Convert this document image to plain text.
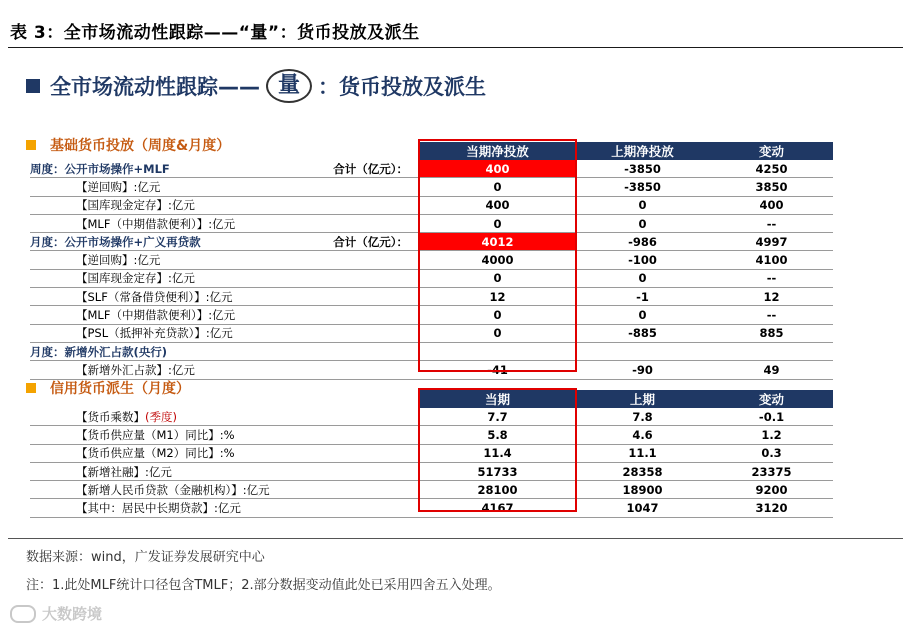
表 3：全市场流动性跟踪——“量”：货币投放及派生
全市场流动性跟踪—— 量 ：货币投放及派生
基础货币投放（周度&月度）
			当期净投放	上期净投放	变动
周度：公开市场操作+MLF	合计（亿元）：	400	-3850	4250
【逆回购】:亿元		0	-3850	3850
【国库现金定存】:亿元		400	0	400
【MLF（中期借款便利）】:亿元		0	0	--
月度：公开市场操作+广义再贷款	合计（亿元）：	4012	-986	4997
【逆回购】:亿元		4000	-100	4100
【国库现金定存】:亿元		0	0	--
【SLF（常备借贷便利）】:亿元		12	-1	12
【MLF（中期借款便利）】:亿元		0	0	--
【PSL（抵押补充贷款）】:亿元		0	-885	885
月度：新增外汇占款(央行)				
【新增外汇占款】:亿元		-41	-90	49
信用货币派生（月度）
		当期	上期	变动
【货币乘数】(季度)		7.7	7.8	-0.1
【货币供应量（M1）同比】:%		5.8	4.6	1.2
【货币供应量（M2）同比】:%		11.4	11.1	0.3
【新增社融】:亿元		51733	28358	23375
【新增人民币贷款（金融机构）】:亿元		28100	18900	9200
【其中：居民中长期贷款】:亿元		4167	1047	3120
数据来源：wind，广发证券发展研究中心
注：1.此处MLF统计口径包含TMLF；2.部分数据变动值此处已采用四舍五入处理。
大数跨境
